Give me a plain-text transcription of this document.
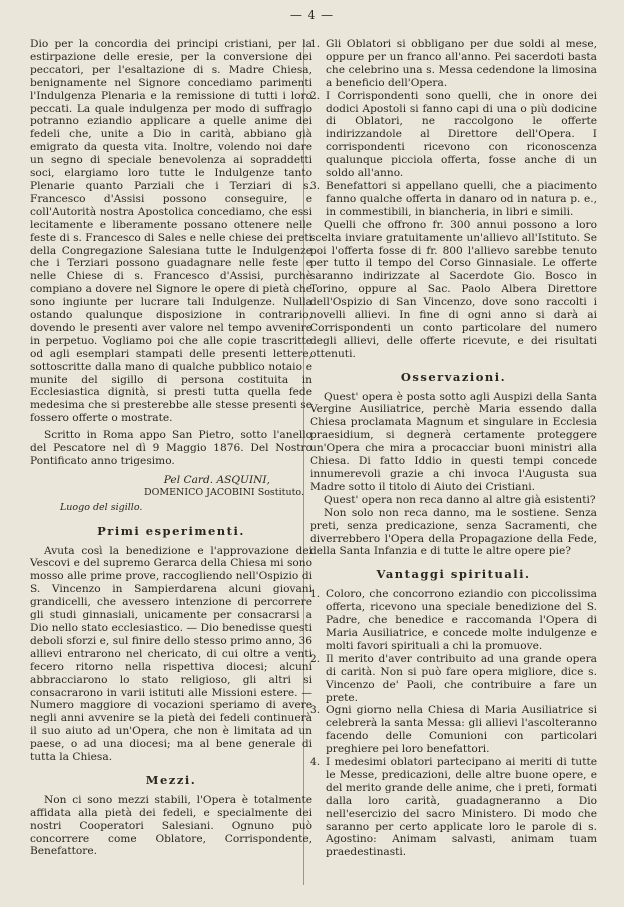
— 4 —

Dio per la concordia dei principi cristiani, per la estirpazione delle eresie, per la conversione dei peccatori, per l'esaltazione di s. Madre Chiesa, benignamente nel Signore concediamo parimenti l'Indulgenza Plenaria e la remissione di tutti i loro peccati. La quale indulgenza per modo di suffragio potranno eziandio applicare a quelle anime dei fedeli che, unite a Dio in carità, abbiano già emigrato da questa vita. Inoltre, volendo noi dare un segno di speciale benevolenza ai sopraddetti soci, elargiamo loro tutte le Indulgenze tanto Plenarie quanto Parziali che i Terziari di s. Francesco d'Assisi possono conseguire, e coll'Autorità nostra Apostolica concediamo, che essi lecitamente e liberamente possano ottenere nelle feste di s. Francesco di Sales e nelle chiese dei preti della Congregazione Salesiana tutte le Indulgenze che i Terziari possono guadagnare nelle feste e nelle Chiese di s. Francesco d'Assisi, purchè compiano a dovere nel Signore le opere di pietà che sono ingiunte per lucrare tali Indulgenze. Nulla ostando qualunque disposizione in contrario, dovendo le presenti aver valore nel tempo avvenire in perpetuo. Vogliamo poi che alle copie trascritte od agli esemplari stampati delle presenti lettere, sottoscritte dalla mano di qualche pubblico notaio e munite del sigillo di persona costituita in Ecclesiastica dignità, si presti tutta quella fede medesima che si presterebbe alle stesse presenti se fossero offerte o mostrate.

Scritto in Roma appo San Pietro, sotto l'anello del Pescatore nel dì 9 Maggio 1876. Del Nostro Pontificato anno trigesimo.

Pel Card. ASQUINI,

DOMENICO JACOBINI Sostituto.

Luogo del sigillo.

Primi esperimenti.

Avuta così la benedizione e l'approvazione dei Vescovi e del supremo Gerarca della Chiesa mi sono mosso alle prime prove, raccogliendo nell'Ospizio di S. Vincenzo in Sampierdarena alcuni giovani grandicelli, che avessero intenzione di percorrere gli studi ginnasiali, unicamente per consacrarsi a Dio nello stato ecclesiastico. — Dio benedisse questi deboli sforzi e, sul finire dello stesso primo anno, 36 allievi entrarono nel chericato, di cui oltre a venti fecero ritorno nella rispettiva diocesi; alcuni abbracciarono lo stato religioso, gli altri si consacrarono in varii istituti alle Missioni estere. — Numero maggiore di vocazioni speriamo di avere negli anni avvenire se la pietà dei fedeli continuerà il suo aiuto ad un'Opera, che non è limitata ad un paese, o ad una diocesi; ma al bene generale di tutta la Chiesa.

Mezzi.

Non ci sono mezzi stabili, l'Opera è totalmente affidata alla pietà dei fedeli, e specialmente dei nostri Cooperatori Salesiani. Ognuno può concorrere come Oblatore, Corrispondente, Benefattore.

1. Gli Oblatori si obbligano per due soldi al mese, oppure per un franco all'anno. Pei sacerdoti basta che celebrino una s. Messa cedendone la limosina a beneficio dell'Opera.
2. I Corrispondenti sono quelli, che in onore dei dodici Apostoli si fanno capi di una o più dodicine di Oblatori, ne raccolgono le offerte indirizzandole al Direttore dell'Opera. I corrispondenti ricevono con riconoscenza qualunque picciola offerta, fosse anche di un soldo all'anno.
3. Benefattori si appellano quelli, che a piacimento fanno qualche offerta in danaro od in natura p. e., in commestibili, in biancheria, in libri e simili.

Quelli che offrono fr. 300 annui possono a loro scelta inviare gratuitamente un'allievo all'Istituto. Se poi l'offerta fosse di fr. 800 l'allievo sarebbe tenuto per tutto il tempo del Corso Ginnasiale. Le offerte saranno indirizzate al Sacerdote Gio. Bosco in Torino, oppure al Sac. Paolo Albera Direttore dell'Ospizio di San Vincenzo, dove sono raccolti i novelli allievi. In fine di ogni anno si darà ai Corrispondenti un conto particolare del numero degli allievi, delle offerte ricevute, e dei risultati ottenuti.

Osservazioni.

Quest' opera è posta sotto agli Auspizi della Santa Vergine Ausiliatrice, perchè Maria essendo dalla Chiesa proclamata Magnum et singulare in Ecclesia praesidium, si degnerà certamente proteggere un'Opera che mira a procacciar buoni ministri alla Chiesa. Di fatto Iddio in questi tempi concede innumerevoli grazie a chi invoca l'Augusta sua Madre sotto il titolo di Aiuto dei Cristiani.

Quest' opera non reca danno al altre già esistenti?

Non solo non reca danno, ma le sostiene. Senza preti, senza predicazione, senza Sacramenti, che diverrebbero l'Opera della Propagazione della Fede, della Santa Infanzia e di tutte le altre opere pie?

Vantaggi spirituali.
1. Coloro, che concorrono eziandio con piccolissima offerta, ricevono una speciale benedizione del S. Padre, che benedice e raccomanda l'Opera di Maria Ausiliatrice, e concede molte indulgenze e molti favori spirituali a chi la promuove.
2. Il merito d'aver contribuito ad una grande opera di carità. Non si può fare opera migliore, dice s. Vincenzo de' Paoli, che contribuire a fare un prete.
3. Ogni giorno nella Chiesa di Maria Ausiliatrice si celebrerà la santa Messa: gli allievi l'ascolteranno facendo delle Comunioni con particolari preghiere pei loro benefattori.
4. I medesimi oblatori partecipano ai meriti di tutte le Messe, predicazioni, delle altre buone opere, e del merito grande delle anime, che i preti, formati dalla loro carità, guadagneranno a Dio nell'esercizio del sacro Ministero. Di modo che saranno per certo applicate loro le parole di s. Agostino: Animam salvasti, animam tuam praedestinasti.
